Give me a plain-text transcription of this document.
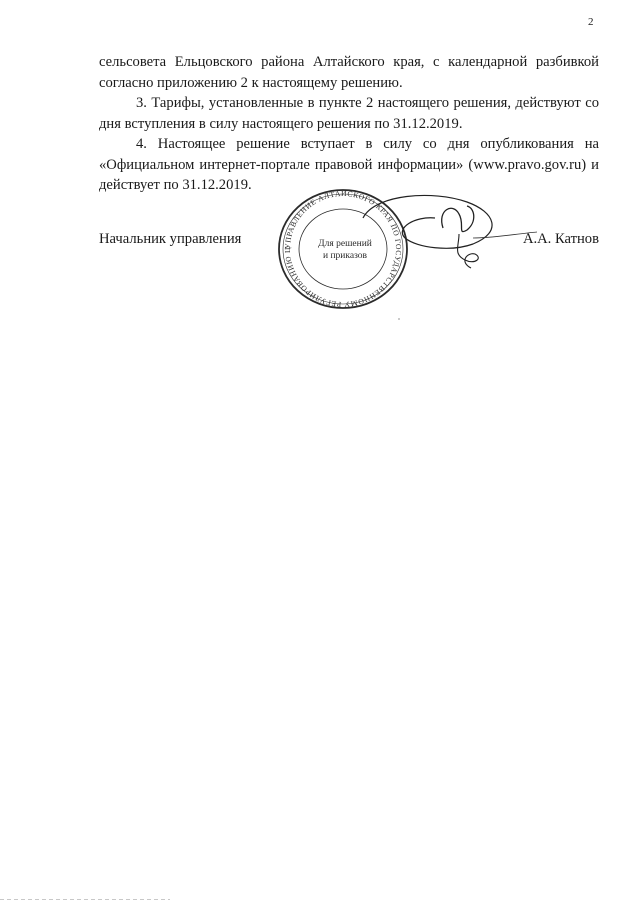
2

сельсовета Ельцовского района Алтайского края, с календарной разбивкой согласно приложению 2 к настоящему решению.

3. Тарифы, установленные в пункте 2 настоящего решения, действуют со дня вступления в силу настоящего решения по 31.12.2019.

4. Настоящее решение вступает в силу со дня опубликования на «Официальном интернет-портале правовой информации» (www.pravo.gov.ru) и действует по 31.12.2019.

Начальник управления	А.А. Катнов
УПРАВЛЕНИЕ АЛТАЙСКОГО КРАЯ ПО ГОСУДАРСТВЕННОМУ РЕГУЛИРОВАНИЮ Ц
Для решений
и приказов
